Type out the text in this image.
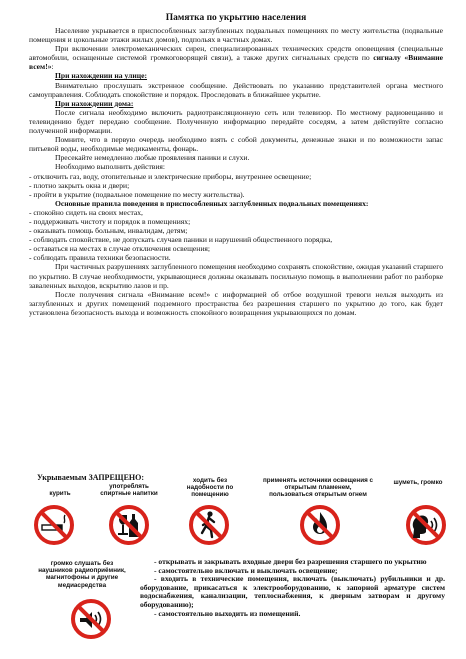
Памятка по укрытию населения

Население укрывается в приспособленных заглубленных подвальных помещениях по месту жительства (подвальные помещения и цокольные этажи жилых домов), подпольях в частных домах.

При включении электромеханических сирен, специализированных технических средств оповещения (специальные автомобили, оснащенные системой громкоговорящей связи), а также других сигнальных средств по сигналу «Внимание всем!»:

При нахождении на улице:

Внимательно прослушать экстренное сообщение. Действовать по указанию представителей органа местного самоуправления. Соблюдать спокойствие и порядок. Проследовать в ближайшее укрытие.

При нахождении дома:

После сигнала необходимо включить радиотрансляционную сеть или телевизор. По местному радиовещанию и телевидению будет передано сообщение. Полученную информацию передайте соседям, а затем действуйте согласно полученной информации.

Помните, что в первую очередь необходимо взять с собой документы, денежные знаки и по возможности запас питьевой воды, необходимые медикаменты, фонарь.

Пресекайте немедленно любые проявления паники и слухи.

Необходимо выполнить действия:

- отключить газ, воду, отопительные и электрические приборы, внутреннее освещение;

- плотно закрыть окна и двери;

- пройти в укрытие (подвальное помещение по месту жительства).

Основные правила поведения в приспособленных заглубленных подвальных помещениях:

- спокойно сидеть на своих местах,

- поддерживать чистоту и порядок в помещениях;

- оказывать помощь больным, инвалидам, детям;

- соблюдать спокойствие, не допускать случаев паники и нарушений общественного порядка,

- оставаться на местах в случае отключения освещения;

- соблюдать правила техники безопасности.

При частичных разрушениях заглубленного помещения необходимо сохранять спокойствие, ожидая указаний старшего по укрытию. В случае необходимости, укрывающиеся должны оказывать посильную помощь в выполнении работ по разборке заваленных выходов, вскрытию лазов и пр.

После получения сигнала «Внимание всем!» с информацией об отбое воздушной тревоги нельзя выходить из заглубленных и других помещений подземного пространства без разрешения старшего по укрытию до того, как будет установлена безопасность выхода и возможность спокойного возвращения укрывающихся по домам.

Укрываемым ЗАПРЕЩЕНО:
курить
употреблять спиртные напитки
ходить без надобности по помещению
применять источники освещения с открытым пламенем, пользоваться открытым огнем
шуметь, громко
громко слушать без наушников радиоприёмник, магнитофоны и другие медиасредства

- открывать и закрывать входные двери без разрешения старшего по укрытию

- самостоятельно включать и выключать освещение;

- входить в технические помещения, включать (выключать) рубильники и др. оборудование, прикасаться к электрооборудованию, к запорной арматуре систем водоснабжения, канализации, теплоснабжения, к дверным затворам и другому оборудованию);

- самостоятельно выходить из помещений.
